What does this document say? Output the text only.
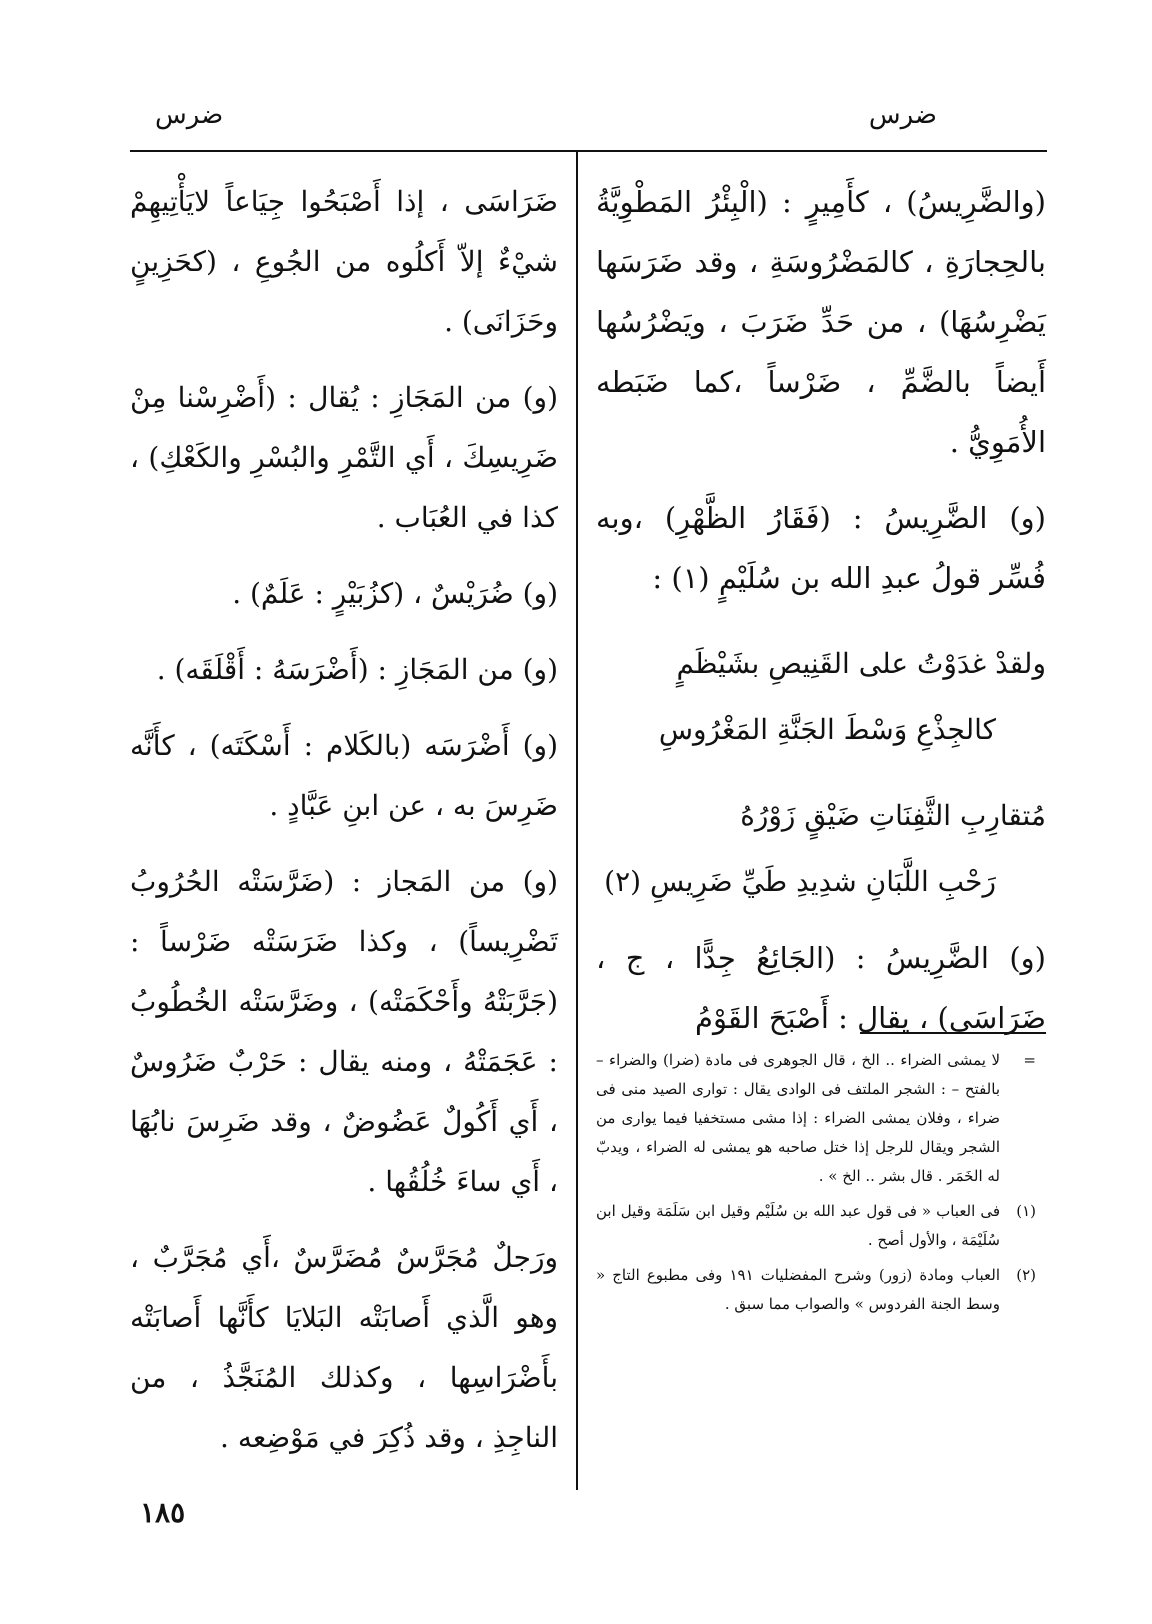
ضرس
ضرس

(والضَّرِيسُ) ، كأَمِيرٍ : (الْبِئْرُ المَطْوِيَّةُ بالحِجارَةِ ، كالمَضْرُوسَةِ ، وقد ضَرَسَها يَضْرِسُهَا) ، من حَدِّ ضَرَبَ ، ويَضْرُسُها أَيضاً بالضَّمِّ ، ضَرْساً ،كما ضَبَطه الأُمَوِيُّ .

(و) الضَّرِيسُ : (فَقَارُ الظَّهْرِ) ،وبه فُسِّر قولُ عبدِ الله بن سُلَيْمٍ (١) :

ولقدْ غدَوْتُ على القَنِيصِ بشَيْظَمٍ
كالجِذْعِ وَسْطَ الجَنَّةِ المَغْرُوسِ
مُتقارِبِ الثَّفِنَاتِ ضَيْقٍ زَوْرُهُ
رَحْبِ اللَّبَانِ شدِيدِ طَيِّ ضَرِيسِ (٢)

(و) الضَّرِيسُ : (الجَائِعُ جِدًّا ، ج ، ضَرَاسَى) ، يقال : أَصْبَحَ القَوْمُ

ضَرَاسَى ، إذا أَصْبَحُوا جِيَاعاً لايَأْتِيهِمْ شيْءٌ إلاّ أَكلُوه من الجُوعِ ، (كحَزِينٍ وحَزَانَى) .

(و) من المَجَازِ : يُقال : (أَضْرِسْنا مِنْ ضَرِيسِكَ ، أَي التَّمْرِ والبُسْرِ والكَعْكِ) ، كذا في العُبَاب .

(و) ضُرَيْسٌ ، (كزُبَيْرٍ : عَلَمٌ) .

(و) من المَجَازِ : (أَضْرَسَهُ : أَقْلَقَه) .

(و) أَضْرَسَه (بالكَلام : أَسْكَتَه) ، كأَنَّه ضَرِسَ به ، عن ابنِ عَبَّادٍ .

(و) من المَجاز : (ضَرَّسَتْه الحُرُوبُ تَضْرِيساً) ، وكذا ضَرَسَتْه ضَرْساً : (جَرَّبَتْهُ وأَحْكَمَتْه) ، وضَرَّسَتْه الخُطُوبُ : عَجَمَتْهُ ، ومنه يقال : حَرْبٌ ضَرُوسٌ ، أَي أَكُولٌ عَضُوضٌ ، وقد ضَرِسَ نابُهَا ، أَي ساءَ خُلُقُها .

ورَجلٌ مُجَرَّسٌ مُضَرَّسٌ ،أَي مُجَرَّبٌ ، وهو الَّذي أَصابَتْه البَلايَا كأَنَّها أَصابَتْه بأَضْرَاسِها ، وكذلك المُنَجَّذُ ، من الناجِذِ ، وقد ذُكِرَ في مَوْضِعه .

=
لا يمشى الضراء .. الخ ، قال الجوهرى فى مادة (ضرا) والضراء – بالفتح – : الشجر الملتف فى الوادى يقال : توارى الصيد منى فى ضراء ، وفلان يمشى الضراء : إذا مشى مستخفيا فيما يوارى من الشجر ويقال للرجل إذا ختل صاحبه هو يمشى له الضراء ، ويدبّ له الخَمَر . قال بشر .. الخ » .
(١)
فى العباب « فى قول عبد الله بن سُلَيْم وقيل ابن سَلَمَة وقيل ابن سُلَيْمَة ، والأول أصح .
(٢)
العباب ومادة (زور) وشرح المفضليات ١٩١ وفى مطبوع التاج « وسط الجنة الفردوس » والصواب مما سبق .
١٨٥
